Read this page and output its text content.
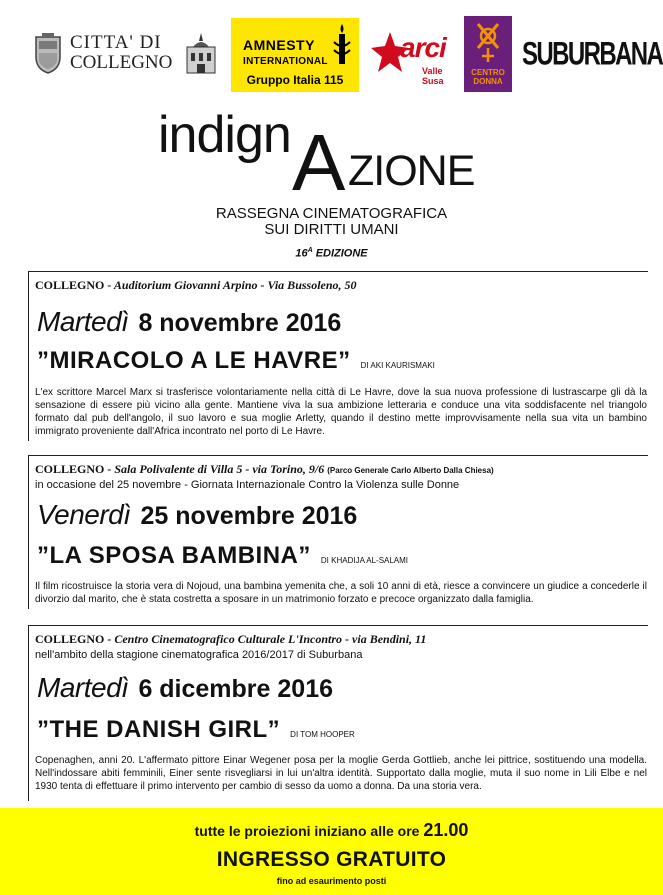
CITTA' DI
COLLEGNO
AMNESTY
INTERNATIONAL
Gruppo Italia 115
arci
Valle Susa
CENTRO
DONNA
SUBURBANA
indign A ZIONE
RASSEGNA CINEMATOGRAFICA
SUI DIRITTI UMANI
$16^A$ EDIZIONE
COLLEGNO - Auditorium Giovanni Arpino - Via Bussoleno, 50
Martedì 8 novembre 2016
”MIRACOLO A LE HAVRE” DI AKI KAURISMAKI
L'ex scrittore Marcel Marx si trasferisce volontariamente nella città di Le Havre, dove la sua nuova professione di lustrascarpe gli dà la sensazione di essere più vicino alla gente. Mantiene viva la sua ambizione letteraria e conduce una vita soddisfacente nel triangolo formato dal pub dell'angolo, il suo lavoro e sua moglie Arletty, quando il destino mette improvvisamente nella sua vita un bambino immigrato proveniente dall'Africa incontrato nel porto di Le Havre.
COLLEGNO - Sala Polivalente di Villa 5 - via Torino, 9/6 (Parco Generale Carlo Alberto Dalla Chiesa)
in occasione del 25 novembre - Giornata Internazionale Contro la Violenza sulle Donne
Venerdì 25 novembre 2016
”LA SPOSA BAMBINA” DI KHADIJA AL-SALAMI
Il film ricostruisce la storia vera di Nojoud, una bambina yemenita che, a soli 10 anni di età, riesce a convincere un giudice a concederle il divorzio dal marito, che è stata costretta a sposare in un matrimonio forzato e precoce organizzato dalla famiglia.
COLLEGNO - Centro Cinematografico Culturale L'Incontro - via Bendini, 11
nell'ambito della stagione cinematografica 2016/2017 di Suburbana
Martedì 6 dicembre 2016
”THE DANISH GIRL” DI TOM HOOPER
Copenaghen, anni 20. L'affermato pittore Einar Wegener posa per la moglie Gerda Gottlieb, anche lei pittrice, sostituendo una modella. Nell'indossare abiti femminili, Einer sente risvegliarsi in lui un'altra identità. Supportato dalla moglie, muta il suo nome in Lili Elbe e nel 1930 tenta di effettuare il primo intervento per cambio di sesso da uomo a donna. Da una storia vera.
tutte le proiezioni iniziano alle ore 21.00
INGRESSO GRATUITO
fino ad esaurimento posti
